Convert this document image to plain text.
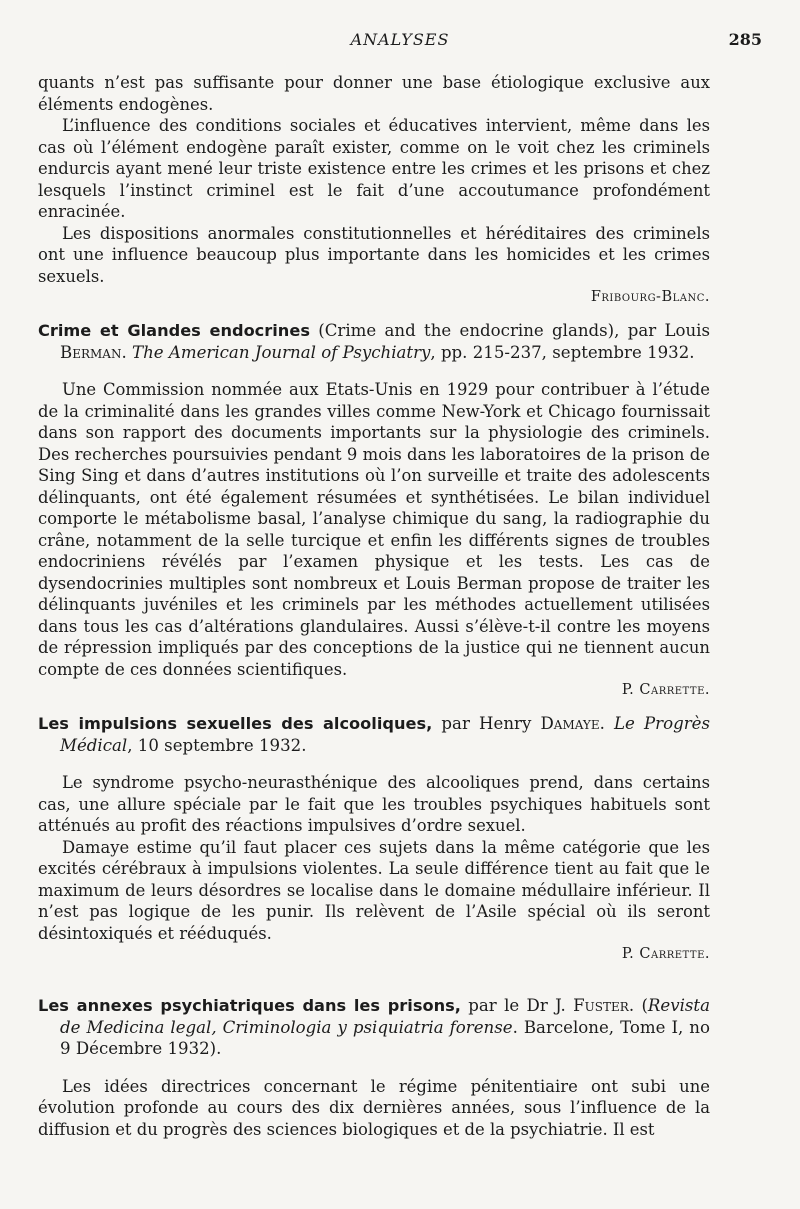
ANALYSES	285

quants n’est pas suffisante pour donner une base étiologique exclusive aux éléments endogènes.

L’influence des conditions sociales et éducatives intervient, même dans les cas où l’élément endogène paraît exister, comme on le voit chez les criminels endurcis ayant mené leur triste existence entre les crimes et les prisons et chez lesquels l’instinct criminel est le fait d’une accoutumance profondément enracinée.

Les dispositions anormales constitutionnelles et héréditaires des criminels ont une influence beaucoup plus importante dans les homicides et les crimes sexuels.

Fribourg-Blanc.

Crime et Glandes endocrines (Crime and the endocrine glands), par Louis Berman. The American Journal of Psychiatry, pp. 215-237, septembre 1932.

Une Commission nommée aux Etats-Unis en 1929 pour contribuer à l’étude de la criminalité dans les grandes villes comme New-York et Chicago fournissait dans son rapport des documents importants sur la physiologie des criminels. Des recherches poursuivies pendant 9 mois dans les laboratoires de la prison de Sing Sing et dans d’autres institutions où l’on surveille et traite des adolescents délinquants, ont été également résumées et synthétisées. Le bilan individuel comporte le métabolisme basal, l’analyse chimique du sang, la radiographie du crâne, notamment de la selle turcique et enfin les différents signes de troubles endocriniens révélés par l’examen physique et les tests. Les cas de dysendocrinies multiples sont nombreux et Louis Berman propose de traiter les délinquants juvéniles et les criminels par les méthodes actuellement utilisées dans tous les cas d’altérations glandulaires. Aussi s’élève-t-il contre les moyens de répression impliqués par des conceptions de la justice qui ne tiennent aucun compte de ces données scientifiques.

P. Carrette.

Les impulsions sexuelles des alcooliques, par Henry Damaye. Le Progrès Médical, 10 septembre 1932.

Le syndrome psycho-neurasthénique des alcooliques prend, dans certains cas, une allure spéciale par le fait que les troubles psychiques habituels sont atténués au profit des réactions impulsives d’ordre sexuel.

Damaye estime qu’il faut placer ces sujets dans la même catégorie que les excités cérébraux à impulsions violentes. La seule différence tient au fait que le maximum de leurs désordres se localise dans le domaine médullaire inférieur. Il n’est pas logique de les punir. Ils relèvent de l’Asile spécial où ils seront désintoxiqués et rééduqués.

P. Carrette.

Les annexes psychiatriques dans les prisons, par le Dr J. Fuster. (Revista de Medicina legal, Criminologia y psiquiatria forense. Barcelone, Tome I, no 9 Décembre 1932).

Les idées directrices concernant le régime pénitentiaire ont subi une évolution profonde au cours des dix dernières années, sous l’influence de la diffusion et du progrès des sciences biologiques et de la psychiatrie. Il est
